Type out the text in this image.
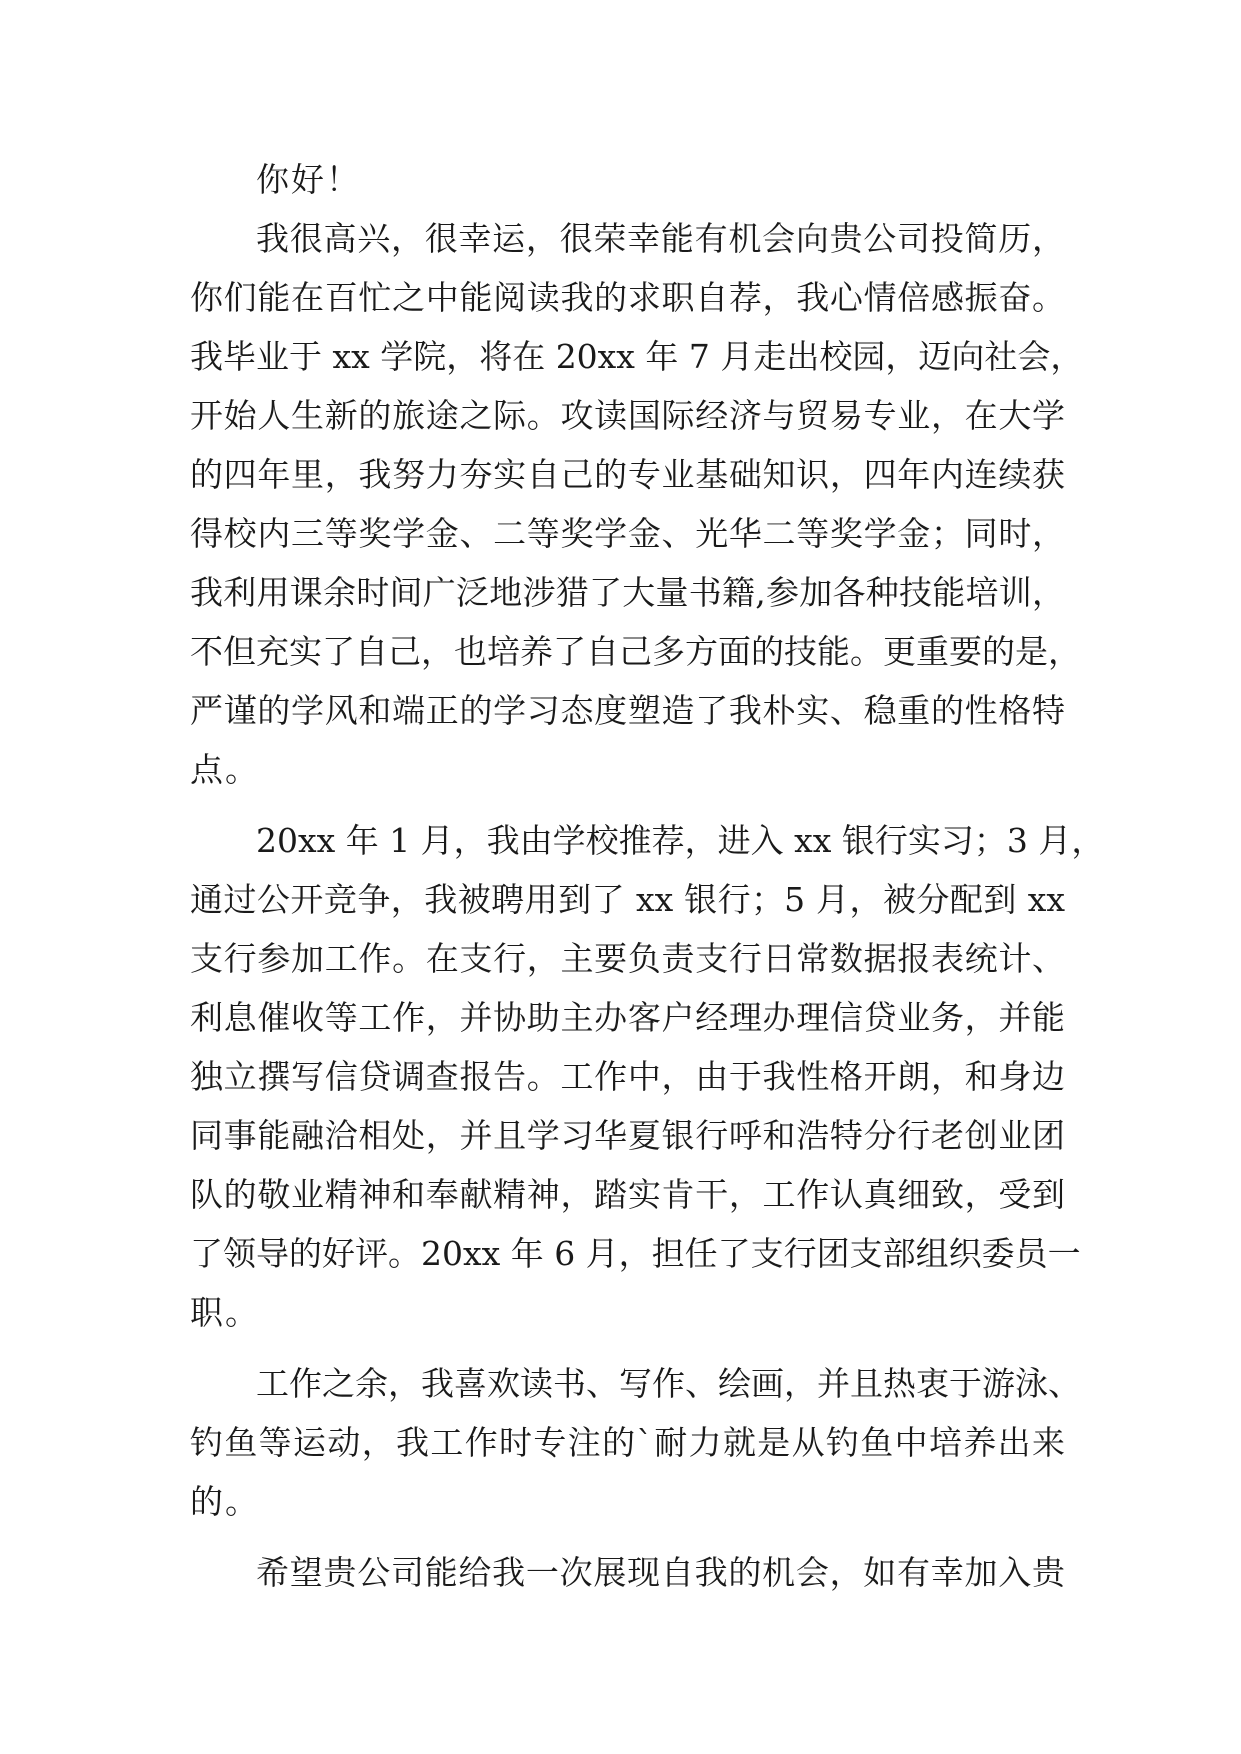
你好！
我很高兴，很幸运，很荣幸能有机会向贵公司投简历，
你们能在百忙之中能阅读我的求职自荐，我心情倍感振奋。
我毕业于 xx 学院，将在 20xx 年 7 月走出校园，迈向社会，
开始人生新的旅途之际。攻读国际经济与贸易专业，在大学
的四年里，我努力夯实自己的专业基础知识，四年内连续获
得校内三等奖学金、二等奖学金、光华二等奖学金；同时，
我利用课余时间广泛地涉猎了大量书籍,参加各种技能培训，
不但充实了自己，也培养了自己多方面的技能。更重要的是，
严谨的学风和端正的学习态度塑造了我朴实、稳重的性格特
点。
20xx 年 1 月，我由学校推荐，进入 xx 银行实习；3 月，
通过公开竞争，我被聘用到了 xx 银行；5 月，被分配到 xx
支行参加工作。在支行，主要负责支行日常数据报表统计、
利息催收等工作，并协助主办客户经理办理信贷业务，并能
独立撰写信贷调查报告。工作中，由于我性格开朗，和身边
同事能融洽相处，并且学习华夏银行呼和浩特分行老创业团
队的敬业精神和奉献精神，踏实肯干，工作认真细致，受到
了领导的好评。20xx 年 6 月，担任了支行团支部组织委员一
职。
工作之余，我喜欢读书、写作、绘画，并且热衷于游泳、
钓鱼等运动，我工作时专注的`耐力就是从钓鱼中培养出来
的。
希望贵公司能给我一次展现自我的机会，如有幸加入贵
